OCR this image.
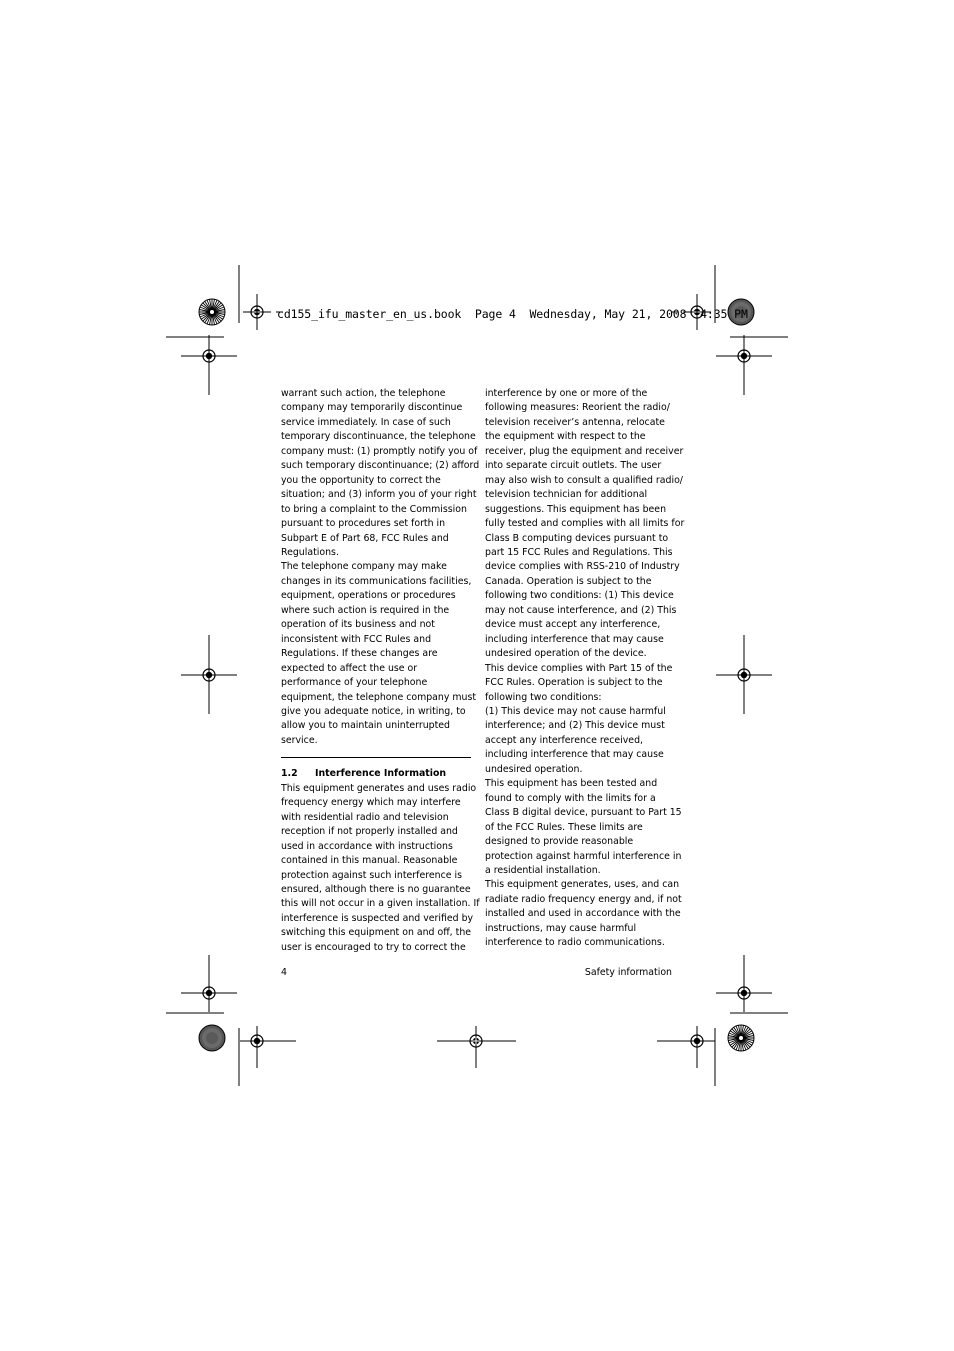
cd155_ifu_master_en_us.book  Page 4  Wednesday, May 21, 2008  4:35 PM

warrant such action, the telephone
company may temporarily discontinue
service immediately. In case of such
temporary discontinuance, the telephone
company must: (1) promptly notify you of
such temporary discontinuance; (2) afford
you the opportunity to correct the
situation; and (3) inform you of your right
to bring a complaint to the Commission
pursuant to procedures set forth in
Subpart E of Part 68, FCC Rules and
Regulations.

The telephone company may make
changes in its communications facilities,
equipment, operations or procedures
where such action is required in the
operation of its business and not
inconsistent with FCC Rules and
Regulations. If these changes are
expected to affect the use or
performance of your telephone
equipment, the telephone company must
give you adequate notice, in writing, to
allow you to maintain uninterrupted
service.

1.2	Interference Information

This equipment generates and uses radio
frequency energy which may interfere
with residential radio and television
reception if not properly installed and
used in accordance with instructions
contained in this manual. Reasonable
protection against such interference is
ensured, although there is no guarantee
this will not occur in a given installation. If
interference is suspected and verified by
switching this equipment on and off, the
user is encouraged to try to correct the

interference by one or more of the
following measures: Reorient the radio/
television receiver’s antenna, relocate
the equipment with respect to the
receiver, plug the equipment and receiver
into separate circuit outlets. The user
may also wish to consult a qualified radio/
television technician for additional
suggestions. This equipment has been
fully tested and complies with all limits for
Class B computing devices pursuant to
part 15 FCC Rules and Regulations. This
device complies with RSS-210 of Industry
Canada. Operation is subject to the
following two conditions: (1) This device
may not cause interference, and (2) This
device must accept any interference,
including interference that may cause
undesired operation of the device.

This device complies with Part 15 of the
FCC Rules. Operation is subject to the
following two conditions:

(1) This device may not cause harmful
interference; and (2) This device must
accept any interference received,
including interference that may cause
undesired operation.

This equipment has been tested and
found to comply with the limits for a
Class B digital device, pursuant to Part 15
of the FCC Rules. These limits are
designed to provide reasonable
protection against harmful interference in
a residential installation.

This equipment generates, uses, and can
radiate radio frequency energy and, if not
installed and used in accordance with the
instructions, may cause harmful
interference to radio communications.

4	Safety information
